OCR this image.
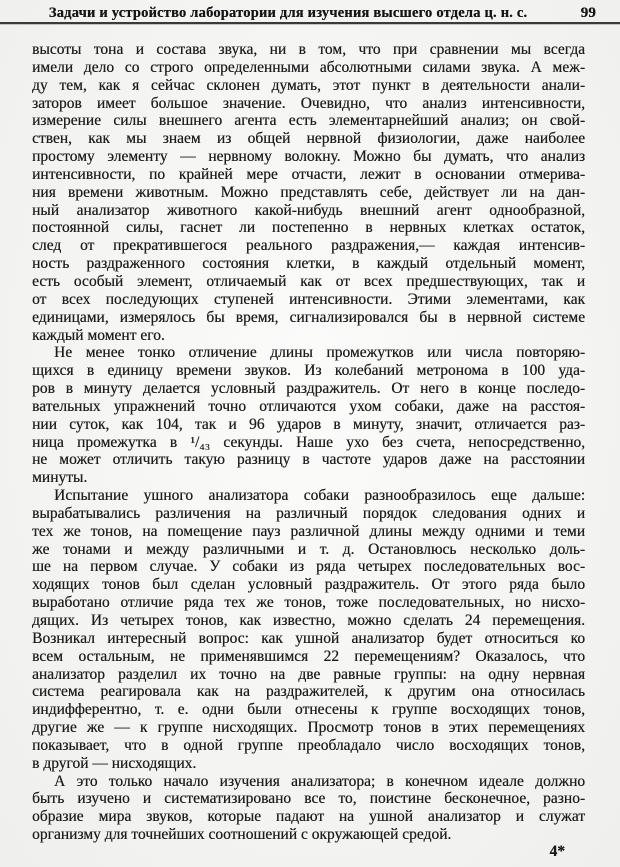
Задачи и устройство лаборатории для изучения высшего отдела ц. н. с.	99
высоты тона и состава звука, ни в том, что при сравнении мы всегда
имели дело со строго определенными абсолютными силами звука. А меж-
ду тем, как я сейчас склонен думать, этот пункт в деятельности анали-
заторов имеет большое значение. Очевидно, что анализ интенсивности,
измерение силы внешнего агента есть элементарнейший анализ; он свой-
ствен, как мы знаем из общей нервной физиологии, даже наиболее
простому элементу — нервному волокну. Можно бы думать, что анализ
интенсивности, по крайней мере отчасти, лежит в основании отмерива-
ния времени животным. Можно представлять себе, действует ли на дан-
ный анализатор животного какой-нибудь внешний агент однообразной,
постоянной силы, гаснет ли постепенно в нервных клетках остаток,
след от прекратившегося реального раздражения,— каждая интенсив-
ность раздраженного состояния клетки, в каждый отдельный момент,
есть особый элемент, отличаемый как от всех предшествующих, так и
от всех последующих ступеней интенсивности. Этими элементами, как
единицами, измерялось бы время, сигнализировался бы в нервной системе
каждый момент его.
Не менее тонко отличение длины промежутков или числа повторяю-
щихся в единицу времени звуков. Из колебаний метронома в 100 уда-
ров в минуту делается условный раздражитель. От него в конце последо-
вательных упражнений точно отличаются ухом собаки, даже на расстоя-
нии суток, как 104, так и 96 ударов в минуту, значит, отличается раз-
ница промежутка в ¹/₄₃ секунды. Наше ухо без счета, непосредственно,
не может отличить такую разницу в частоте ударов даже на расстоянии
минуты.
Испытание ушного анализатора собаки разнообразилось еще дальше:
вырабатывались различения на различный порядок следования одних и
тех же тонов, на помещение пауз различной длины между одними и теми
же тонами и между различными и т. д. Остановлюсь несколько доль-
ше на первом случае. У собаки из ряда четырех последовательных вос-
ходящих тонов был сделан условный раздражитель. От этого ряда было
выработано отличие ряда тех же тонов, тоже последовательных, но нисхо-
дящих. Из четырех тонов, как известно, можно сделать 24 перемещения.
Возникал интересный вопрос: как ушной анализатор будет относиться ко
всем остальным, не применявшимся 22 перемещениям? Оказалось, что
анализатор разделил их точно на две равные группы: на одну нервная
система реагировала как на раздражителей, к другим она относилась
индифферентно, т. е. одни были отнесены к группе восходящих тонов,
другие же — к группе нисходящих. Просмотр тонов в этих перемещениях
показывает, что в одной группе преобладало число восходящих тонов,
в другой — нисходящих.
А это только начало изучения анализатора; в конечном идеале должно
быть изучено и систематизировано все то, поистине бесконечное, разно-
образие мира звуков, которые падают на ушной анализатор и служат
организму для точнейших соотношений с окружающей средой.
4*
